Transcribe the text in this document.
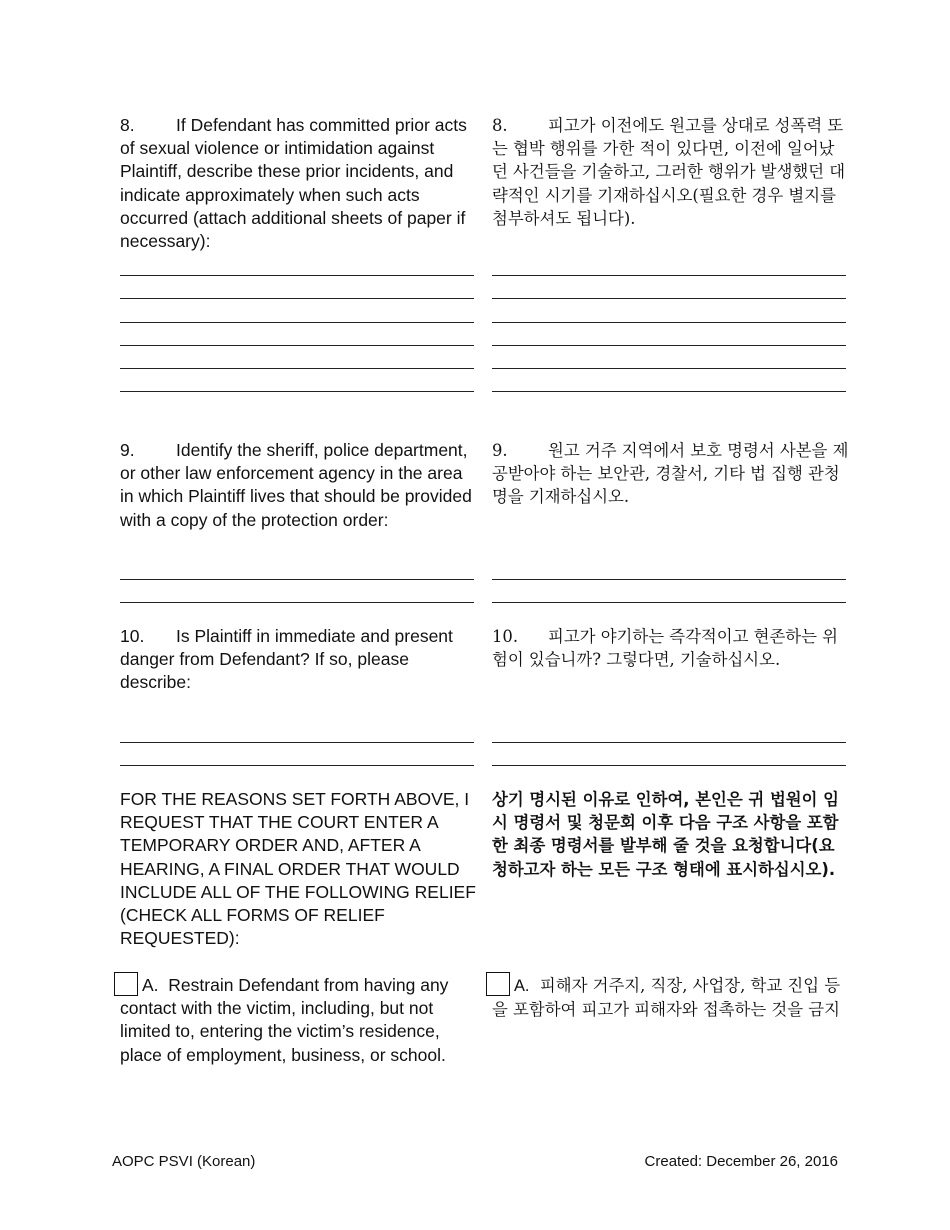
8. If Defendant has committed prior acts of sexual violence or intimidation against Plaintiff, describe these prior incidents, and indicate approximately when such acts occurred (attach additional sheets of paper if necessary):
9. Identify the sheriff, police department, or other law enforcement agency in the area in which Plaintiff lives that should be provided with a copy of the protection order:
10. Is Plaintiff in immediate and present danger from Defendant? If so, please describe:
FOR THE REASONS SET FORTH ABOVE, I REQUEST THAT THE COURT ENTER A TEMPORARY ORDER AND, AFTER A HEARING, A FINAL ORDER THAT WOULD INCLUDE ALL OF THE FOLLOWING RELIEF (CHECK ALL FORMS OF RELIEF REQUESTED):
A. Restrain Defendant from having any contact with the victim, including, but not limited to, entering the victim’s residence, place of employment, business, or school.
8. 피고가 이전에도 원고를 상대로 성폭력 또는 협박 행위를 가한 적이 있다면, 이전에 일어났던 사건들을 기술하고, 그러한 행위가 발생했던 대략적인 시기를 기재하십시오(필요한 경우 별지를 첨부하셔도 됩니다).
9. 원고 거주 지역에서 보호 명령서 사본을 제공받아야 하는 보안관, 경찰서, 기타 법 집행 관청 명을 기재하십시오.
10. 피고가 야기하는 즉각적이고 현존하는 위험이 있습니까? 그렇다면, 기술하십시오.
상기 명시된 이유로 인하여, 본인은 귀 법원이 임시 명령서 및 청문회 이후 다음 구조 사항을 포함한 최종 명령서를 발부해 줄 것을 요청합니다(요청하고자 하는 모든 구조 형태에 표시하십시오).
A. 피해자 거주지, 직장, 사업장, 학교 진입 등을 포함하여 피고가 피해자와 접촉하는 것을 금지
AOPC PSVI (Korean)	Created: December 26, 2016
